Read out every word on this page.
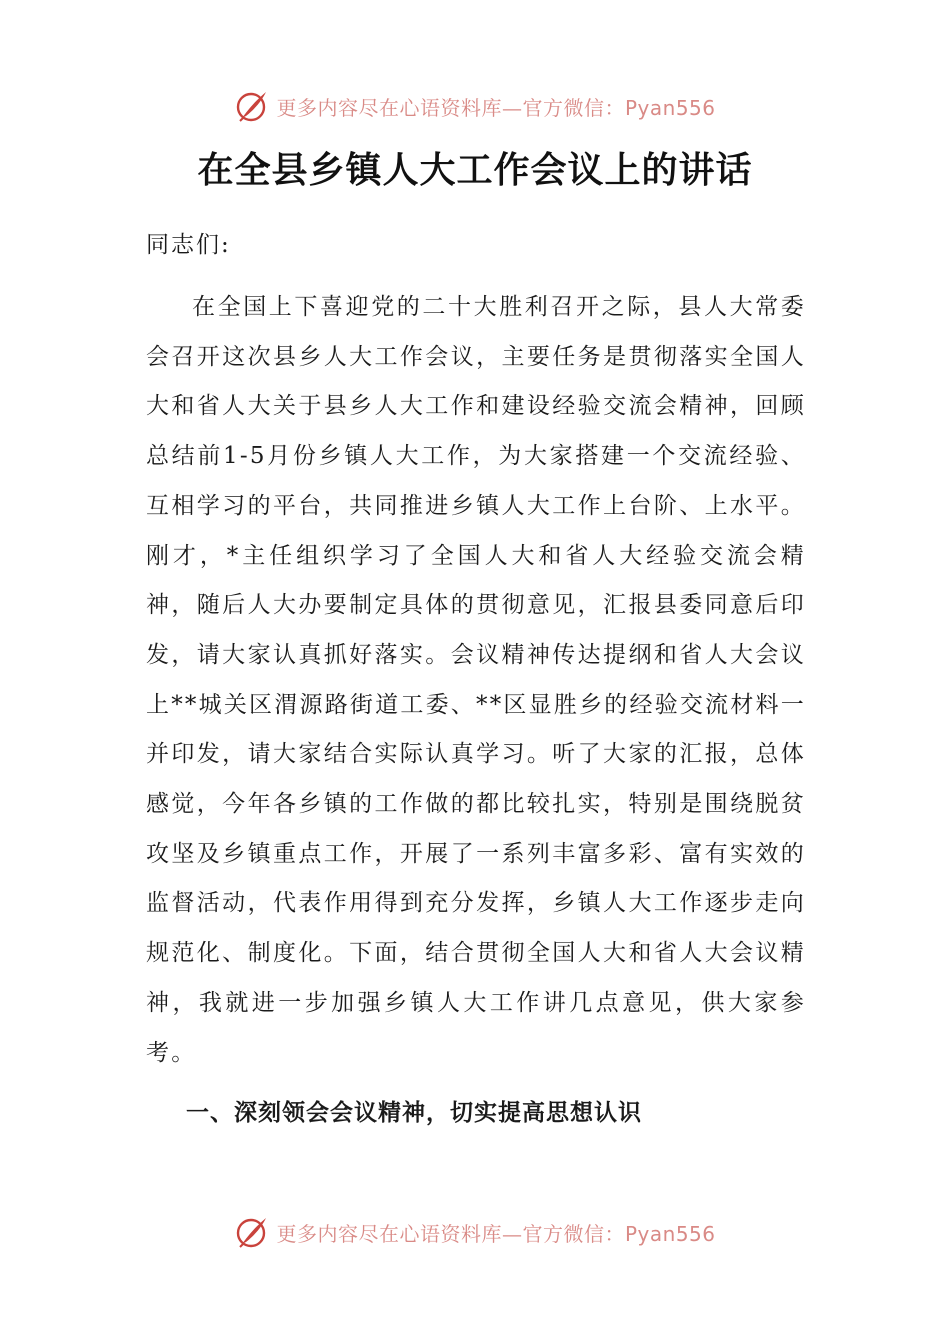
更多内容尽在心语资料库—官方微信：Pyan556
在全县乡镇人大工作会议上的讲话

同志们:

在全国上下喜迎党的二十大胜利召开之际，县人大常委会召开这次县乡人大工作会议，主要任务是贯彻落实全国人大和省人大关于县乡人大工作和建设经验交流会精神，回顾总结前1-5月份乡镇人大工作，为大家搭建一个交流经验、互相学习的平台，共同推进乡镇人大工作上台阶、上水平。刚才，*主任组织学习了全国人大和省人大经验交流会精神，随后人大办要制定具体的贯彻意见，汇报县委同意后印发，请大家认真抓好落实。会议精神传达提纲和省人大会议上**城关区渭源路街道工委、**区显胜乡的经验交流材料一并印发，请大家结合实际认真学习。听了大家的汇报，总体感觉，今年各乡镇的工作做的都比较扎实，特别是围绕脱贫攻坚及乡镇重点工作，开展了一系列丰富多彩、富有实效的监督活动，代表作用得到充分发挥，乡镇人大工作逐步走向规范化、制度化。下面，结合贯彻全国人大和省人大会议精神，我就进一步加强乡镇人大工作讲几点意见，供大家参考。

一、深刻领会会议精神，切实提高思想认识
更多内容尽在心语资料库—官方微信：Pyan556
